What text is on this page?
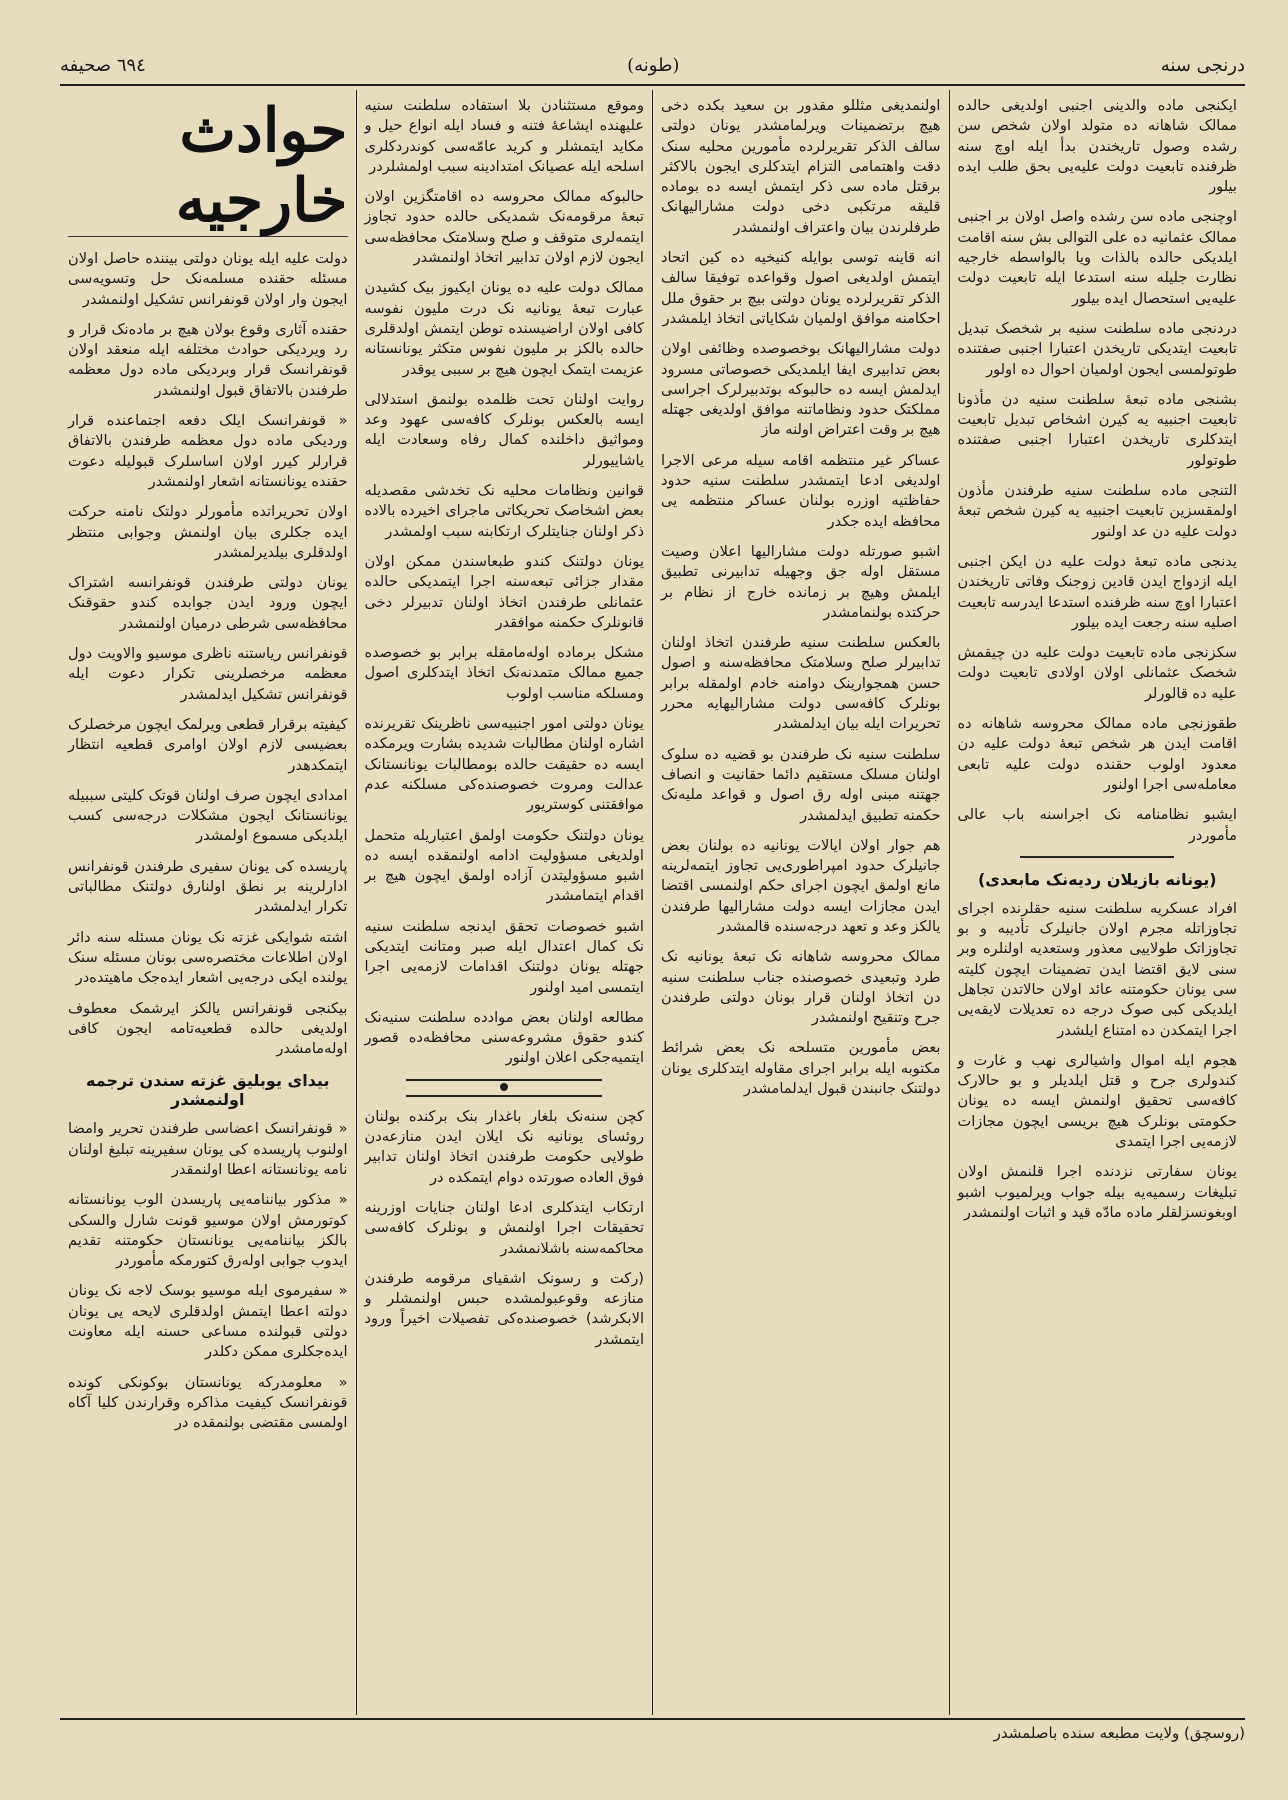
درنجی سنه
(طونه)
٦٩٤ صحیفه

ایکنجی ماده والدینی اجنبی اولدیغی حالده ممالک شاهانه ده متولد اولان شخص سن رشده وصول تاریخندن بدأ ایله اوچ سنه ظرفنده تابعیت دولت علیه‌یی بحق طلب ایده بیلور

اوچنجی ماده سن رشده واصل اولان بر اجنبی ممالک عثمانیه ده علی التوالی بش سنه اقامت ایلدیکی حالده بالذات ویا بالواسطه خارجیه نظارت جلیله سنه استدعا ایله تابعیت دولت علیه‌یی استحصال ایده بیلور

دردنجی ماده سلطنت سنیه بر شخصک تبدیل تابعیت ایتدیکی تاریخدن اعتبارا اجنبی صفتنده طوتولمسی ایجون اولمیان احوال ده اولور

بشنجی ماده تبعۀ سلطنت سنیه دن مأذونا تابعیت اجنبیه یه کیرن اشخاص تبدیل تابعیت ایتدکلری تاریخدن اعتبارا اجنبی صفتنده طوتولور

التنجی ماده سلطنت سنیه طرفندن مأذون اولمقسزین تابعیت اجنبیه یه کیرن شخص تبعۀ دولت علیه دن عد اولنور

یدنجی ماده تبعۀ دولت علیه دن ایکن اجنبی ایله ازدواج ایدن قادین زوجنک وفاتی تاریخندن اعتبارا اوچ سنه ظرفنده استدعا ایدرسه تابعیت اصلیه سنه رجعت ایده بیلور

سکزنجی ماده تابعیت دولت علیه دن چیقمش شخصک عثمانلی اولان اولادی تابعیت دولت علیه ده قالورلر

طقوزنجی ماده ممالک محروسه شاهانه ده اقامت ایدن هر شخص تبعۀ دولت علیه دن معدود اولوب حقنده دولت علیه تابعی معامله‌سی اجرا اولنور

ایشبو نظامنامه نک اجراسنه باب عالی مأموردر

(یونانه بازیلان ردیه‌نک مابعدی)

افراد عسکریه سلطنت سنیه حقلرنده اجرای تجاوزاتله مجرم اولان جانیلرک تأدیبه و بو تجاوزاتک طولاییی معذور وستعدیه اولنلره وبر سنی لایق اقتضا ایدن تضمینات ایچون کلیته سی یونان حکومتنه عائد اولان حالاتدن تجاهل ایلدیکی کبی صوک درجه ده تعدیلات لایقه‌یی اجرا ایتمکدن ده امتناع ایلشدر

هجوم ایله اموال واشیالری نهب و غارت و کندولری جرح و قتل ایلدیلر و بو حالارک کافه‌سی تحقیق اولنمش ایسه ده یونان حکومتی بونلرک هیچ بریسی ایچون مجازات لازمه‌یی اجرا ایتمدی

یونان سفارتی نزدنده اجرا قلنمش اولان تبلیغات رسمیه‌یه بیله جواب ویرلمیوب اشبو اوبغونسزلقلر ماده مادّه قید و اثبات اولنمشدر

اولنمدیغی مثللو مقدور بن سعید بکده دخی هیچ برتضمینات ویرلمامشدر یونان دولتی سالف الذکر تقریرلرده مأمورین محلیه سنک دقت واهتمامی التزام ایتدکلری ایجون بالاکثر برقتل ماده سی ذکر ایتمش ایسه ده بوماده قلیقه مرتکبی دخی دولت مشارالیهانک طرفلرندن بیان واعتراف اولنمشدر

انه قاینه توسی بوایله کنیخیه ده کین اتحاد ایتمش اولدیغی اصول وقواعده توفیقا سالف الذکر تقریرلرده یونان دولتی بیچ بر حقوق ملل احکامنه موافق اولمیان شکایاتی اتخاذ ایلمشدر

دولت مشارالیهانک بوخصوصده وظائفی اولان بعض تدابیری ایفا ایلمدیکی خصوصاتی مسرود ایدلمش ایسه ده حالبوکه بوتدبیرلرک اجراسی مملکتک حدود ونظاماتنه موافق اولدیغی جهتله هیچ بر وقت اعتراض اولنه ماز

عساکر غیر منتظمه اقامه سیله مرعی الاجرا اولدیغی ادعا ایتمشدر سلطنت سنیه حدود حفاظتیه اوزره بولنان عساکر منتظمه یی محافظه ایده جکدر

اشبو صورتله دولت مشارالیها اعلان وصیت مستقل اوله جق وجهیله تدابیرنی تطبیق ایلمش وهیچ بر زمانده خارج از نظام بر حرکتده بولنمامشدر

بالعکس سلطنت سنیه طرفندن اتخاذ اولنان تدابیرلر صلح وسلامتک محافظه‌سنه و اصول حسن همجوارینک دوامنه خادم اولمقله برابر بونلرک کافه‌سی دولت مشارالیهایه محرر تحریرات ایله بیان ایدلمشدر

سلطنت سنیه نک طرفندن بو قضیه ده سلوک اولنان مسلک مستقیم دائما حقانیت و انصاف جهتنه مبنی اوله رق اصول و قواعد ملیه‌نک حکمنه تطبیق ایدلمشدر

هم جوار اولان ایالات یونانیه ده بولنان بعض جانیلرک حدود امپراطوری‌یی تجاوز ایتمه‌لرینه مانع اولمق ایچون اجرای حکم اولنمسی اقتضا ایدن مجازات ایسه دولت مشارالیها طرفندن یالکز وعد و تعهد درجه‌سنده قالمشدر

ممالک محروسه شاهانه نک تبعۀ یونانیه نک طرد وتبعیدی خصوصنده جناب سلطنت سنیه دن اتخاذ اولنان قرار بونان دولتی طرفندن جرح وتنقیح اولنمشدر

بعض مأمورین متسلحه نک بعض شرائط مکتوبه ایله برابر اجرای مقاوله ایتدکلری یونان دولتنک جانبندن قبول ایدلمامشدر

وموقع مستثنادن بلا استفاده سلطنت سنیه علیهنده ایشاعۀ فتنه و فساد ایله انواع حیل و مکاید ایتمشلر و کرید عامّه‌سی کوندردکلری اسلحه ایله عصیانک امتدادینه سبب اولمشلردر

حالبوکه ممالک محروسه ده اقامتگزین اولان تبعۀ مرقومه‌نک شمدیکی حالده حدود تجاوز ایتمه‌لری متوقف و صلح وسلامتک محافظه‌سی ایجون لازم اولان تدابیر اتخاذ اولنمشدر

ممالک دولت علیه ده یونان ایکیوز بیک کشیدن عبارت تبعۀ یونانیه نک درت ملیون نفوسه کافی اولان اراضیسنده توطن ایتمش اولدقلری حالده بالکز بر ملیون نفوس متکثر یونانستانه عزیمت ایتمک ایچون هیچ بر سببی یوقدر

روایت اولنان تحت ظلمده بولنمق استدلالی ایسه بالعکس بونلرک کافه‌سی عهود وعد ومواثیق داخلنده کمال رفاه وسعادت ایله یاشاییورلر

قوانین ونظامات محلیه نک تخدشی مقصدیله بعض اشخاصک تحریکاتی ماجرای اخیرده بالاده ذکر اولنان جنایتلرک ارتکابنه سبب اولمشدر

یونان دولتنک کندو طبعاسندن ممکن اولان مقدار جزائی تبعه‌سنه اجرا ایتمدیکی حالده عثمانلی طرفندن اتخاذ اولنان تدبیرلر دخی قانونلرک حکمنه موافقدر

مشکل برماده اوله‌مامقله برابر بو خصوصده جمیع ممالک متمدنه‌نک اتخاذ ایتدکلری اصول ومسلکه مناسب اولوب

یونان دولتی امور اجنبیه‌سی ناظرینک تقریرنده اشاره اولنان مطالبات شدیده بشارت ویرمکده ایسه ده حقیقت حالده بومطالبات یونانستانک عدالت ومروت خصوصنده‌کی مسلکنه عدم موافقتنی کوستریور

یونان دولتنک حکومت اولمق اعتباریله متحمل اولدیغی مسؤولیت ادامه اولنمقده ایسه ده اشبو مسؤولیتدن آزاده اولمق ایچون هیچ بر اقدام ایتمامشدر

اشبو خصوصات تحقق ایدنجه سلطنت سنیه نک کمال اعتدال ایله صبر ومتانت ایتدیکی جهتله یونان دولتنک اقدامات لازمه‌یی اجرا ایتمسی امید اولنور

مطالعه اولنان بعض موادده سلطنت سنیه‌نک کندو حقوق مشروعه‌سنی محافظه‌ده قصور ایتمیه‌جکی اعلان اولنور

کچن سنه‌نک بلغار باغدار بنک برکنده بولنان روئسای یونانیه نک ایلان ایدن منازعه‌دن طولایی حکومت طرفندن اتخاذ اولنان تدابیر فوق العاده صورتده دوام ایتمکده در

ارتکاب ایتدکلری ادعا اولنان جنایات اوزرینه تحقیقات اجرا اولنمش و بونلرک کافه‌سی محاکمه‌سنه باشلانمشدر

(رکت و رسونک اشقیای مرقومه طرفندن منازعه وقوعبولمشده حبس اولنمشلر و الابکرشد) خصوصنده‌کی تفصیلات اخیراً ورود ایتمشدر

حوادث خارجیه

دولت علیه ایله یونان دولتی بیننده حاصل اولان مسئله حقنده مسلمه‌نک حل وتسویه‌سی ایجون وار اولان قونفرانس تشکیل اولنمشدر

حقنده آثاری وقوع بولان هیچ بر ماده‌نک قرار و رد ویردیکی حوادث مختلفه ایله منعقد اولان قونفرانسک قرار وبردیکی ماده دول معظمه طرفندن بالاتفاق قبول اولنمشدر

« قونفرانسک ایلک دفعه اجتماعنده قرار وردیکی ماده دول معظمه طرفندن بالاتفاق قرارلر کیرر اولان اساسلرک قبولیله دعوت حقنده یونانستانه اشعار اولنمشدر

اولان تحریراتده مأمورلر دولتک نامنه حرکت ایده جکلری بیان اولنمش وجوابی منتظر اولدقلری بیلدیرلمشدر

یونان دولتی طرفندن قونفرانسه اشتراک ایچون ورود ایدن جوابده کندو حقوقنک محافظه‌سی شرطی درمیان اولنمشدر

قونفرانس ریاستنه ناظری موسیو والاویت دول معظمه مرخصلرینی تکرار دعوت ایله قونفرانس تشکیل ایدلمشدر

کیفیته برقرار قطعی ویرلمک ایچون مرخصلرک بعضیسی لازم اولان اوامری قطعیه انتظار ایتمکدهدر

امدادی ایچون صرف اولنان قوتک کلیتی سببیله یونانستانک ایجون مشکلات درجه‌سی کسب ایلدیکی مسموع اولمشدر

پاریسده کی یونان سفیری طرفندن قونفرانس ادارلرینه بر نطق اولنارق دولتنک مطالباتی تکرار ایدلمشدر

اشته شوایکی غزته نک یونان مسئله سنه دائر اولان اطلاعات مختصره‌سی بونان مسئله سنک یولنده ایکی درجه‌یی اشعار ایده‌جک ماهیتده‌در

بیکنجی قونفرانس یالکز ایرشمک معطوف اولدیغی حالده قطعیه‌تامه ایجون کافی اوله‌مامشدر

بیدای یوبلیق غزته سندن ترجمه اولنمشدر

« قونفرانسک اعضاسی طرفندن تحریر وامضا اولنوب پاریسده کی یونان سفیرینه تبلیغ اولنان نامه یونانستانه اعطا اولنمقدر

« مذکور بیاننامه‌یی پاریسدن الوب یونانستانه کوتورمش اولان موسیو قونت شارل والسکی بالکز بیاننامه‌یی یونانستان حکومتنه تقدیم ایدوب جوابی اوله‌رق کتورمکه مأموردر

« سفیرموی ایله موسیو بوسک لاجه نک یونان دولته اعطا ایتمش اولدقلری لایحه یی یونان دولتی قبولنده مساعی حسنه ایله معاونت ایده‌جکلری ممکن دکلدر

« معلومدرکه یونانستان بوکونکی کونده قونفرانسک کیفیت مذاکره وقرارندن کلیا آکاه اولمسی مقتضی بولنمقده در

(روسچق) ولایت مطبعه سنده باصلمشدر
